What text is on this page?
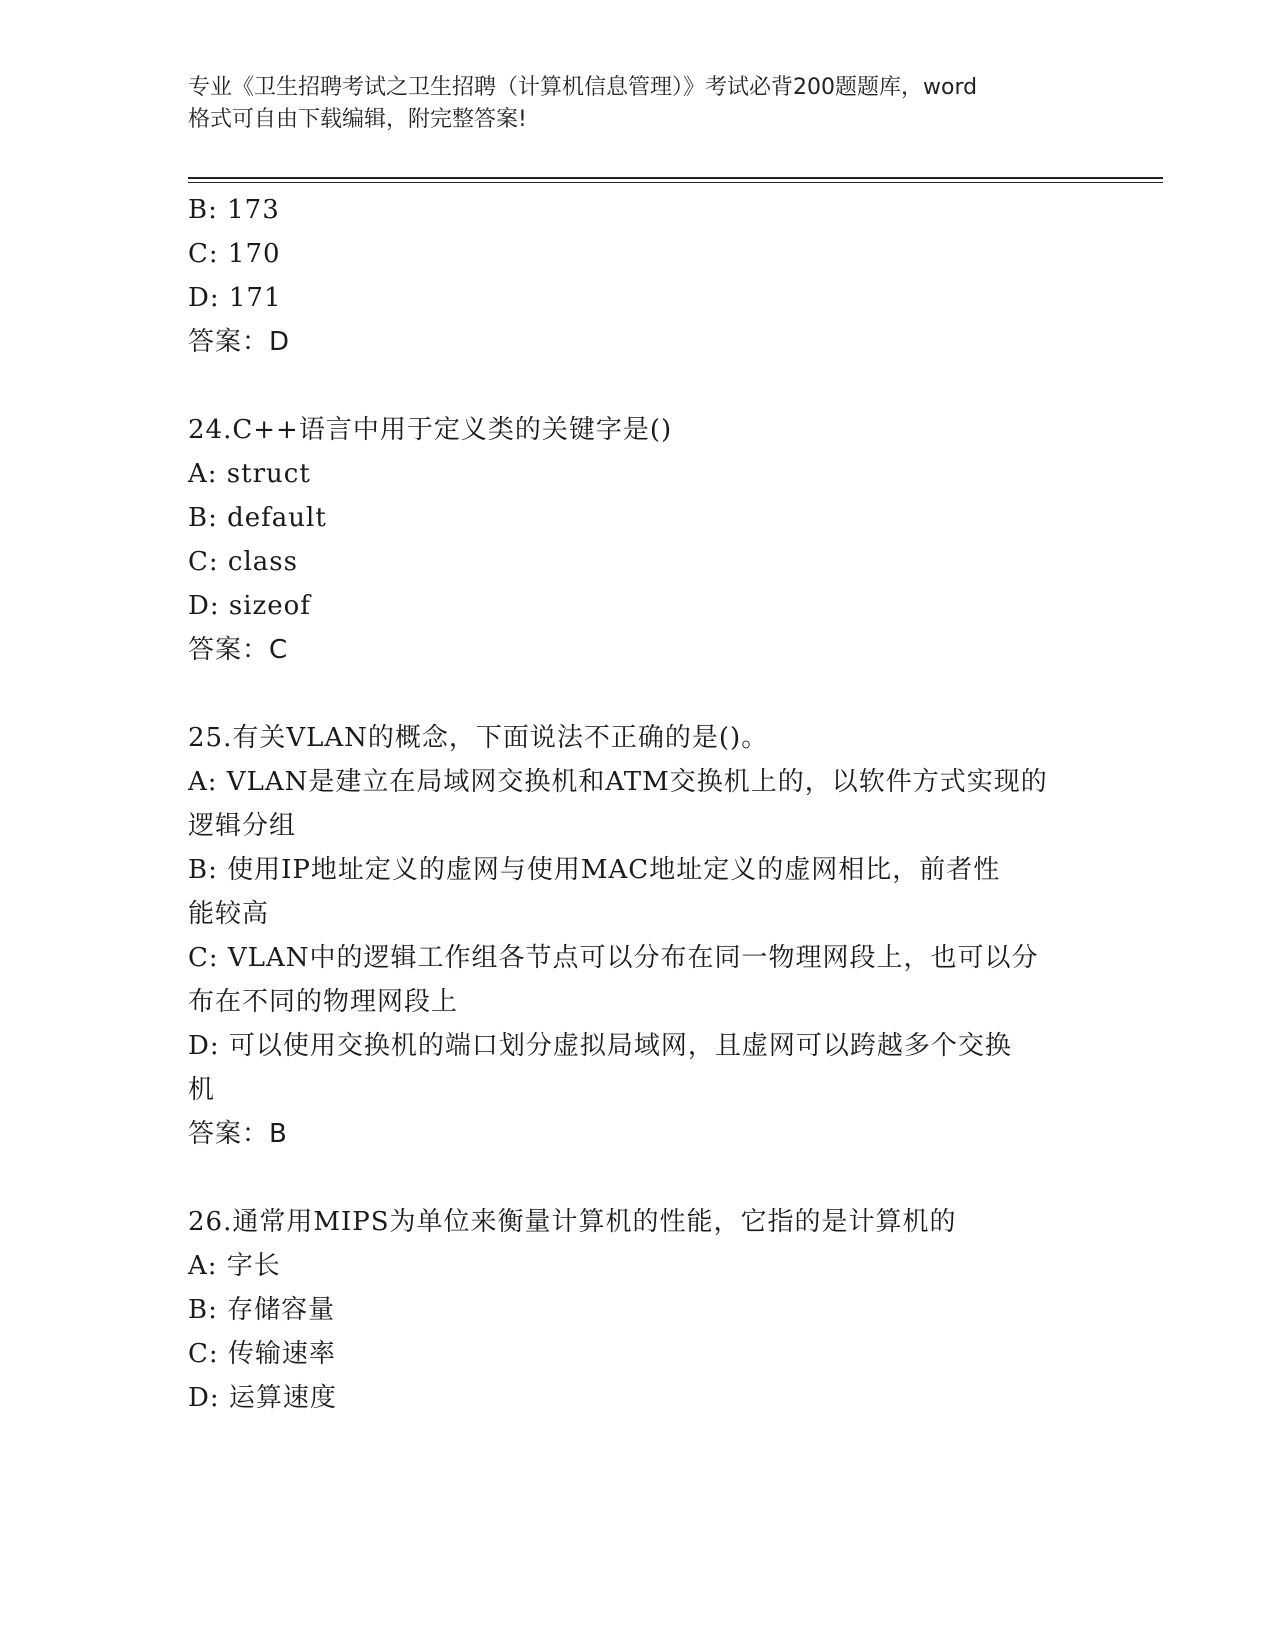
专业《卫生招聘考试之卫生招聘（计算机信息管理）》考试必背200题题库，word
格式可自由下载编辑，附完整答案!
B: 173
C: 170
D: 171
答案：D
24.C++语言中用于定义类的关键字是()
A: struct
B: default
C: class
D: sizeof
答案：C
25.有关VLAN的概念，下面说法不正确的是()。
A: VLAN是建立在局域网交换机和ATM交换机上的，以软件方式实现的
逻辑分组
B: 使用IP地址定义的虚网与使用MAC地址定义的虚网相比，前者性
能较高
C: VLAN中的逻辑工作组各节点可以分布在同一物理网段上，也可以分
布在不同的物理网段上
D: 可以使用交换机的端口划分虚拟局域网，且虚网可以跨越多个交换
机
答案：B
26.通常用MIPS为单位来衡量计算机的性能，它指的是计算机的
A: 字长
B: 存储容量
C: 传输速率
D: 运算速度
